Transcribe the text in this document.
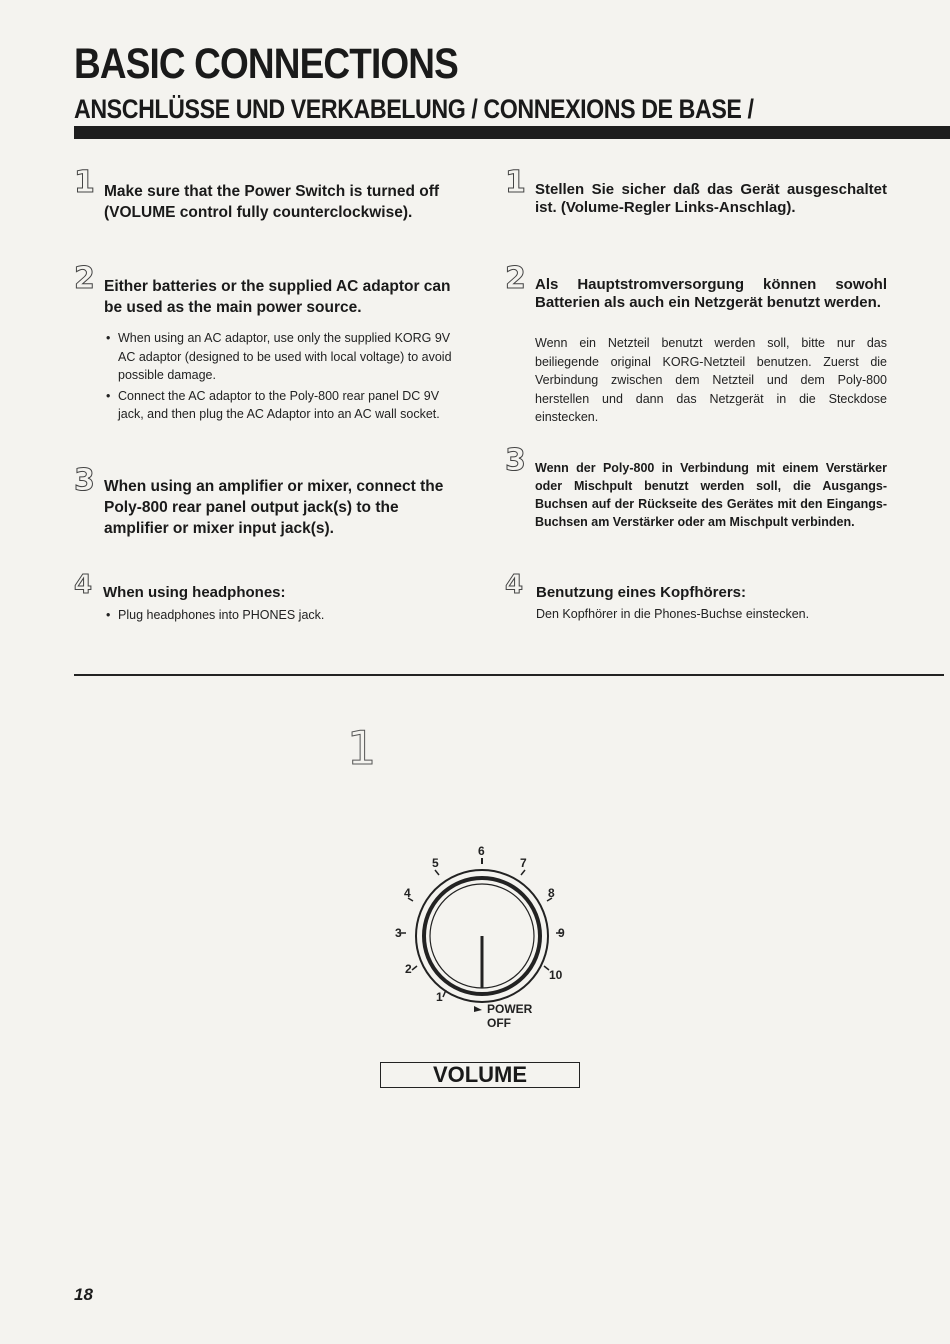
BASIC CONNECTIONS
ANSCHLÜSSE UND VERKABELUNG / CONNEXIONS DE BASE /
1 Make sure that the Power Switch is turned off (VOLUME control fully counterclockwise).
2 Either batteries or the supplied AC adaptor can be used as the main power source.
• When using an AC adaptor, use only the supplied KORG 9V AC adaptor (designed to be used with local voltage) to avoid possible damage.
• Connect the AC adaptor to the Poly-800 rear panel DC 9V jack, and then plug the AC Adaptor into an AC wall socket.
3 When using an amplifier or mixer, connect the Poly-800 rear panel output jack(s) to the amplifier or mixer input jack(s).
4 When using headphones:
• Plug headphones into PHONES jack.
1 Stellen Sie sicher daß das Gerät ausgeschaltet ist. (Volume-Regler Links-Anschlag).
2 Als Hauptstromversorgung können sowohl Batterien als auch ein Netzgerät benutzt werden.
Wenn ein Netzteil benutzt werden soll, bitte nur das beiliegende original KORG-Netzteil benutzen. Zuerst die Verbindung zwischen dem Netzteil und dem Poly-800 herstellen und dann das Netzgerät in die Steckdose einstecken.
3 Wenn der Poly-800 in Verbindung mit einem Verstärker oder Mischpult benutzt werden soll, die Ausgangs-Buchsen auf der Rückseite des Gerätes mit den Eingangs-Buchsen am Verstärker oder am Mischpult verbinden.
4 Benutzung eines Kopfhörers:
Den Kopfhörer in die Phones-Buchse einstecken.
1
1
2
3
4
5
6
7
8
9
10
POWER
OFF
VOLUME
18
